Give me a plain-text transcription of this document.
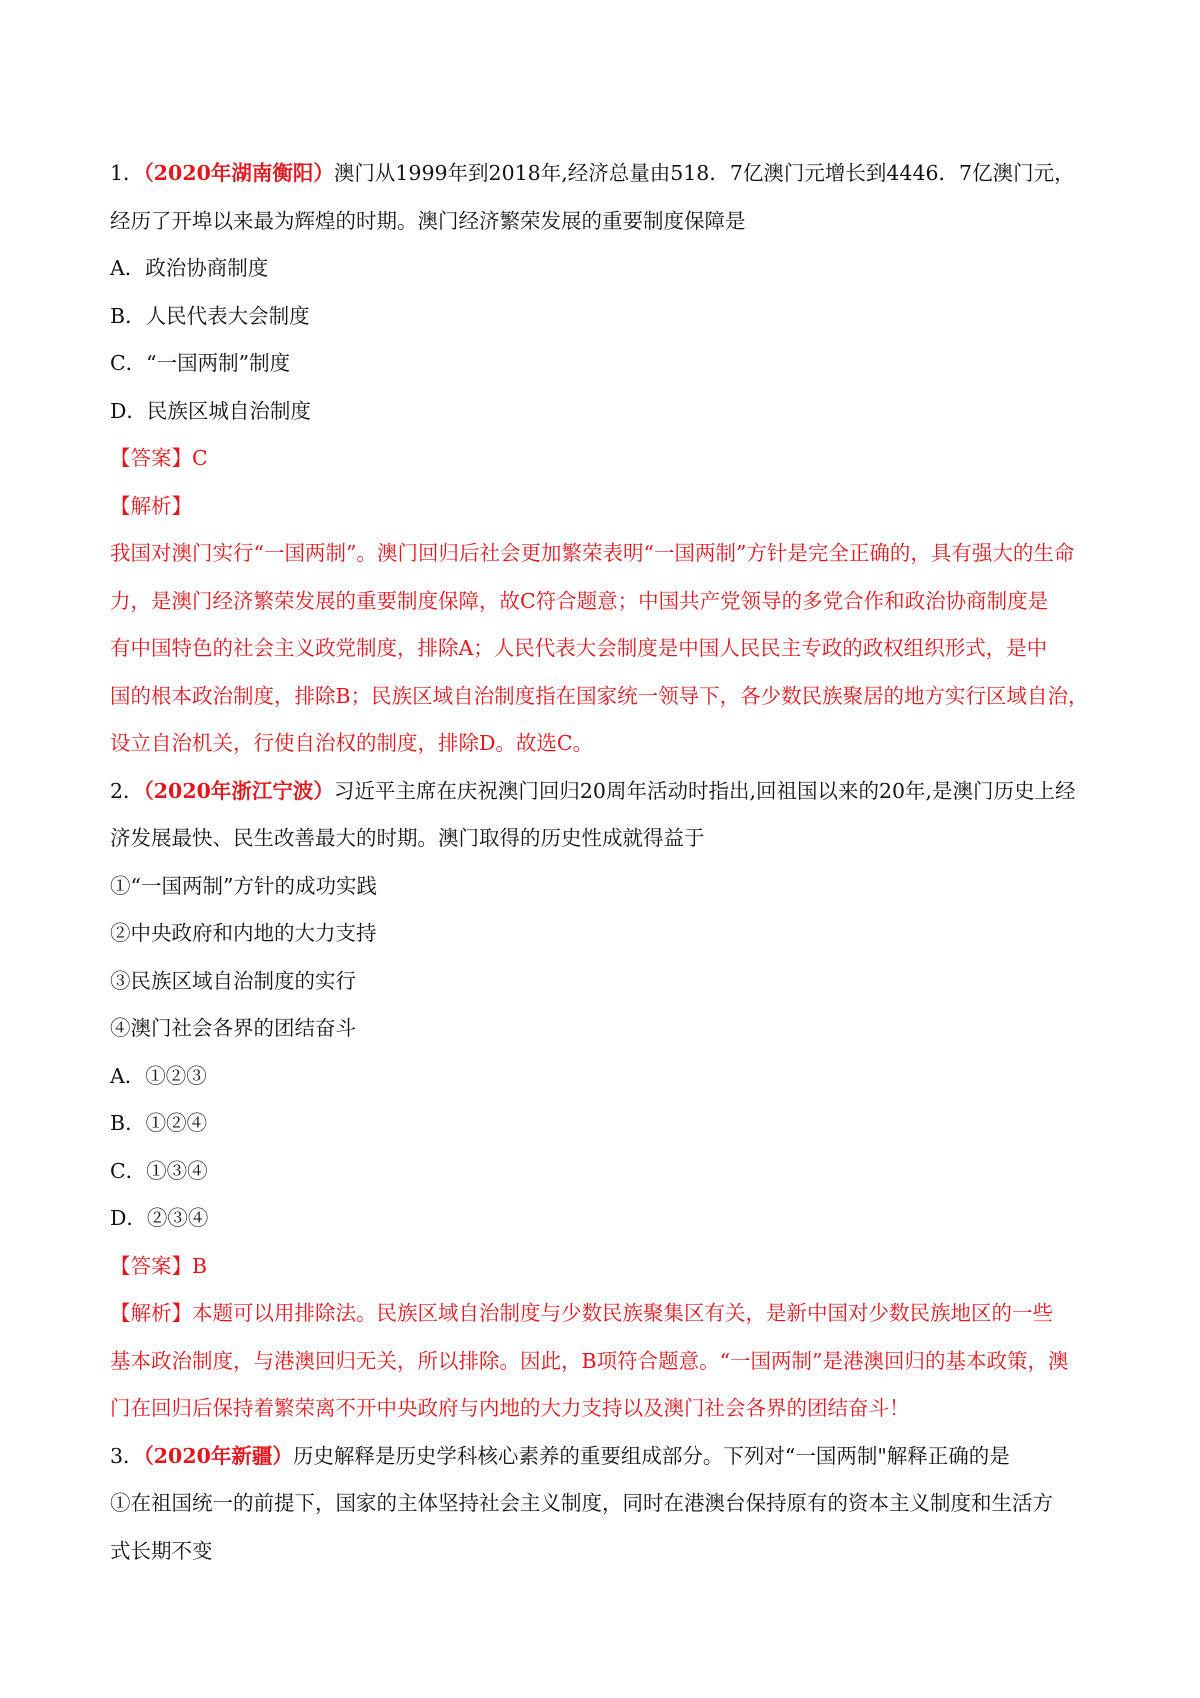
1．（2020年湖南衡阳）澳门从1999年到2018年,经济总量由518．7亿澳门元增长到4446．7亿澳门元，

经历了开埠以来最为辉煌的时期。澳门经济繁荣发展的重要制度保障是

A．政治协商制度

B．人民代表大会制度

C．“一国两制”制度

D．民族区城自治制度

【答案】C

【解析】

我国对澳门实行“一国两制”。澳门回归后社会更加繁荣表明“一国两制”方针是完全正确的，具有强大的生命

力，是澳门经济繁荣发展的重要制度保障，故C符合题意；中国共产党领导的多党合作和政治协商制度是

有中国特色的社会主义政党制度，排除A；人民代表大会制度是中国人民民主专政的政权组织形式，是中

国的根本政治制度，排除B；民族区域自治制度指在国家统一领导下，各少数民族聚居的地方实行区域自治，

设立自治机关，行使自治权的制度，排除D。故选C。

2．（2020年浙江宁波）习近平主席在庆祝澳门回归20周年活动时指出,回祖国以来的20年,是澳门历史上经

济发展最快、民生改善最大的时期。澳门取得的历史性成就得益于

①“一国两制”方针的成功实践

②中央政府和内地的大力支持

③民族区域自治制度的实行

④澳门社会各界的团结奋斗

A．①②③

B．①②④

C．①③④

D．②③④

【答案】B

【解析】本题可以用排除法。民族区域自治制度与少数民族聚集区有关，是新中国对少数民族地区的一些

基本政治制度，与港澳回归无关，所以排除。因此，B项符合题意。“一国两制”是港澳回归的基本政策，澳

门在回归后保持着繁荣离不开中央政府与内地的大力支持以及澳门社会各界的团结奋斗！

3．（2020年新疆）历史解释是历史学科核心素养的重要组成部分。下列对“一国两制"解释正确的是

①在祖国统一的前提下，国家的主体坚持社会主义制度，同时在港澳台保持原有的资本主义制度和生活方

式长期不变
